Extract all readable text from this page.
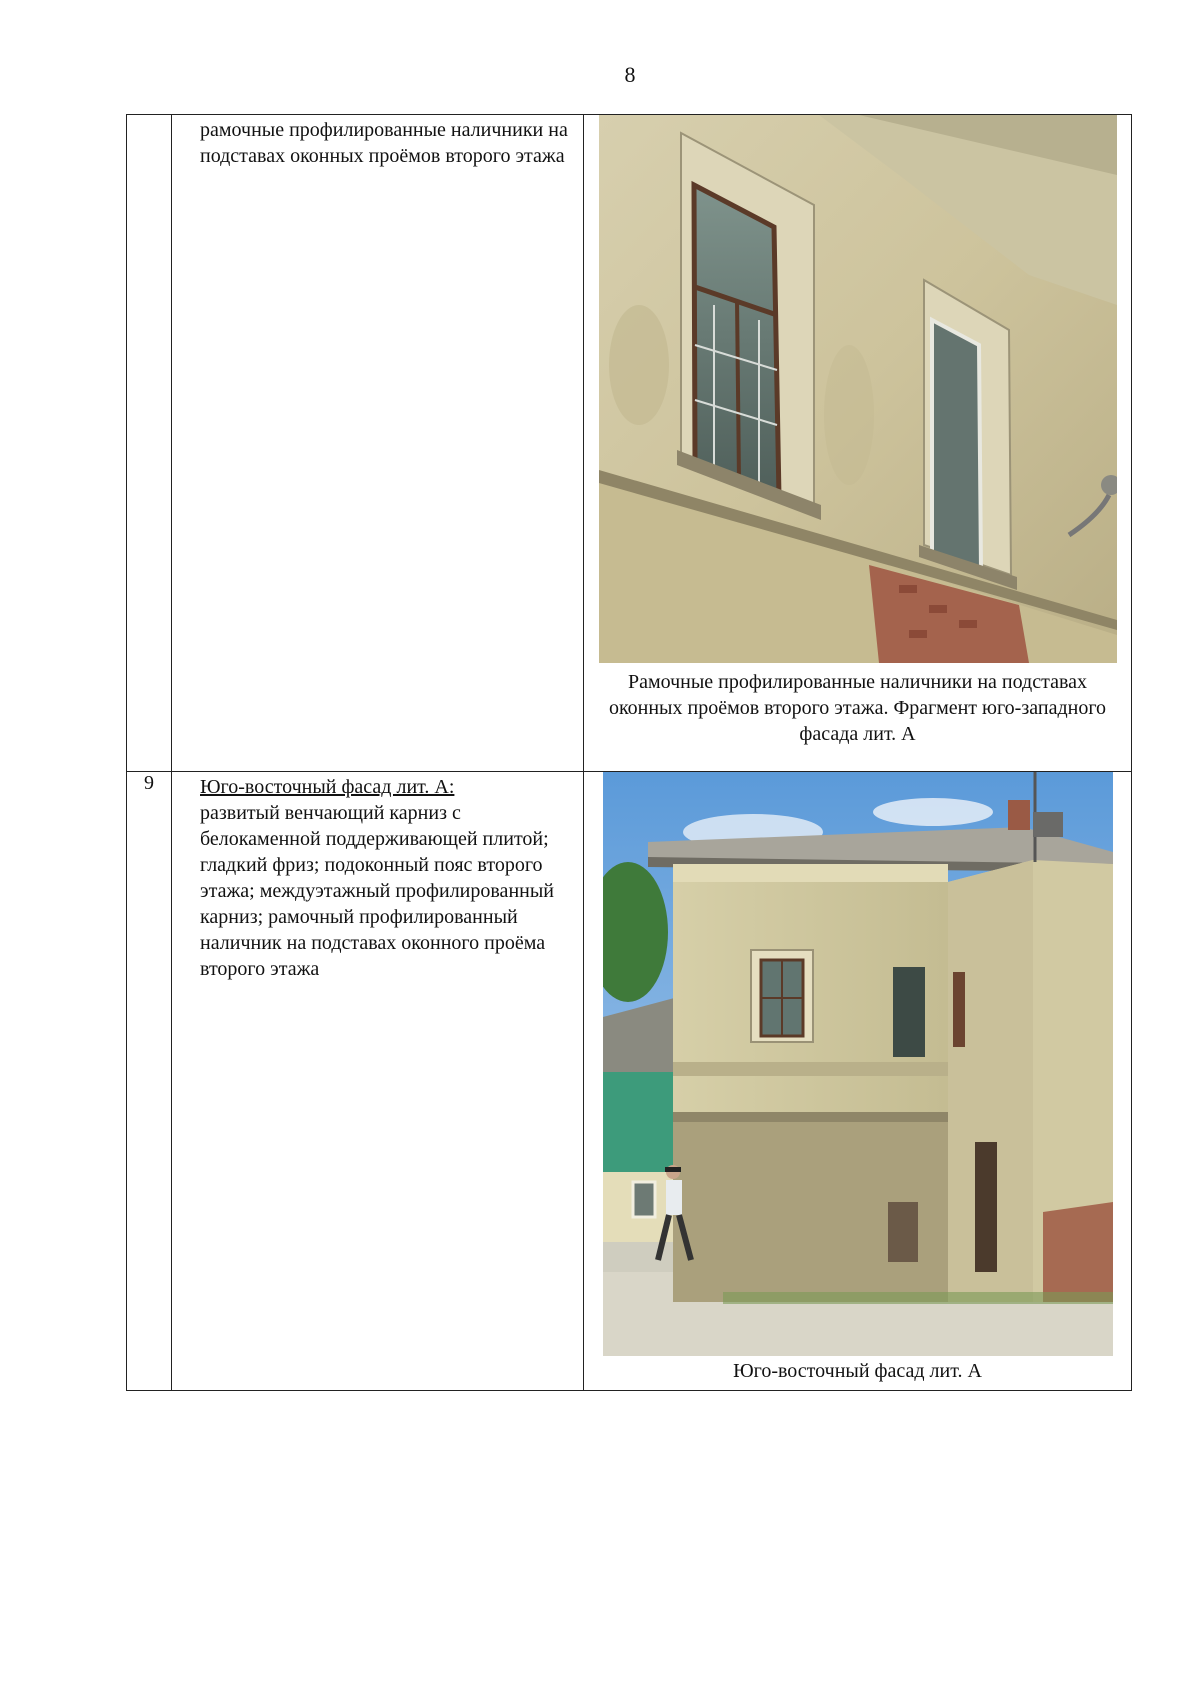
8

	рамочные профилированные наличники на подставах оконных проёмов второго этажа	Рамочные профилированные наличники на подставах оконных проёмов второго этажа. Фрагмент юго-западного фасада лит. А

9	Юго-восточный фасад лит. А:
развитый венчающий карниз с белокаменной поддерживающей плитой; гладкий фриз; подоконный пояс второго этажа; междуэтажный профилированный карниз; рамочный профилированный наличник на подставах оконного проёма второго этажа	Юго-восточный фасад лит. А
